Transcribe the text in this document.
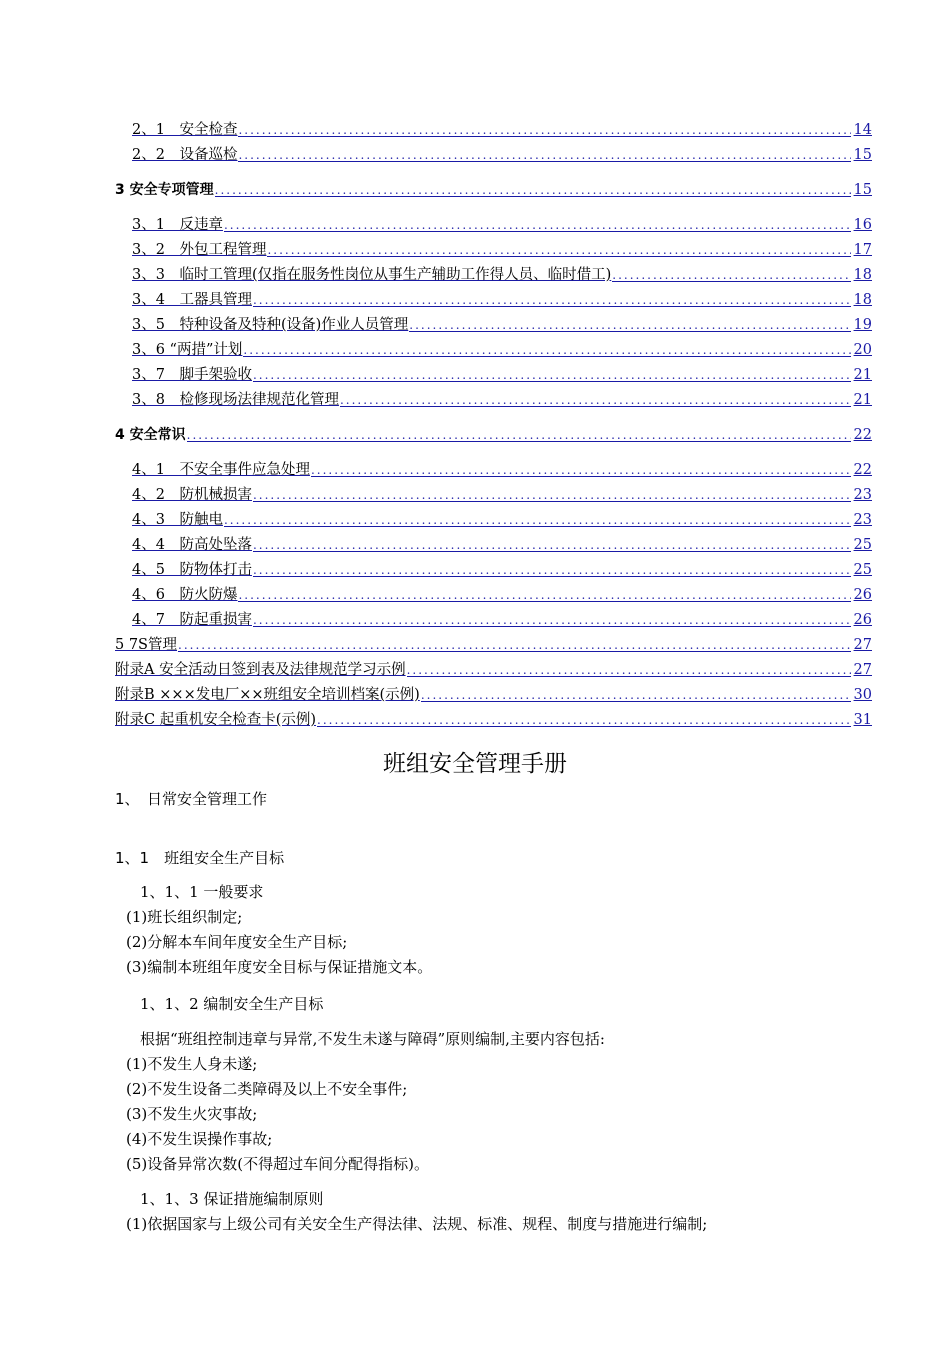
2、1　安全检查 .....	14
2、2　设备巡检 .....	15
3 安全专项管理 .....	15
3、1　反违章 .....	16
3、2　外包工程管理 .....	17
3、3　临时工管理(仅指在服务性岗位从事生产辅助工作得人员、临时借工) .....	18
3、4　工器具管理 .....	18
3、5　特种设备及特种(设备)作业人员管理 .....	19
3、6 “两措”计划 .....	20
3、7　脚手架验收 .....	21
3、8　检修现场法律规范化管理 .....	21
4 安全常识 .....	22
4、1　不安全事件应急处理 .....	22
4、2　防机械损害 .....	23
4、3　防触电 .....	23
4、4　防高处坠落 .....	25
4、5　防物体打击 .....	25
4、6　防火防爆 .....	26
4、7　防起重损害 .....	26
5 7S管理 .....	27
附录A 安全活动日签到表及法律规范学习示例 .....	27
附录B ×××发电厂××班组安全培训档案(示例) .....	30
附录C 起重机安全检查卡(示例) .....	31
班组安全管理手册
1、　日常安全管理工作
1、1　班组安全生产目标
1、1、1 一般要求
(1)班长组织制定;
(2)分解本车间年度安全生产目标;
(3)编制本班组年度安全目标与保证措施文本。
1、1、2 编制安全生产目标
根据“班组控制违章与异常,不发生未遂与障碍”原则编制,主要内容包括:
(1)不发生人身未遂;
(2)不发生设备二类障碍及以上不安全事件;
(3)不发生火灾事故;
(4)不发生误操作事故;
(5)设备异常次数(不得超过车间分配得指标)。
1、1、3 保证措施编制原则
(1)依据国家与上级公司有关安全生产得法律、法规、标准、规程、制度与措施进行编制;
